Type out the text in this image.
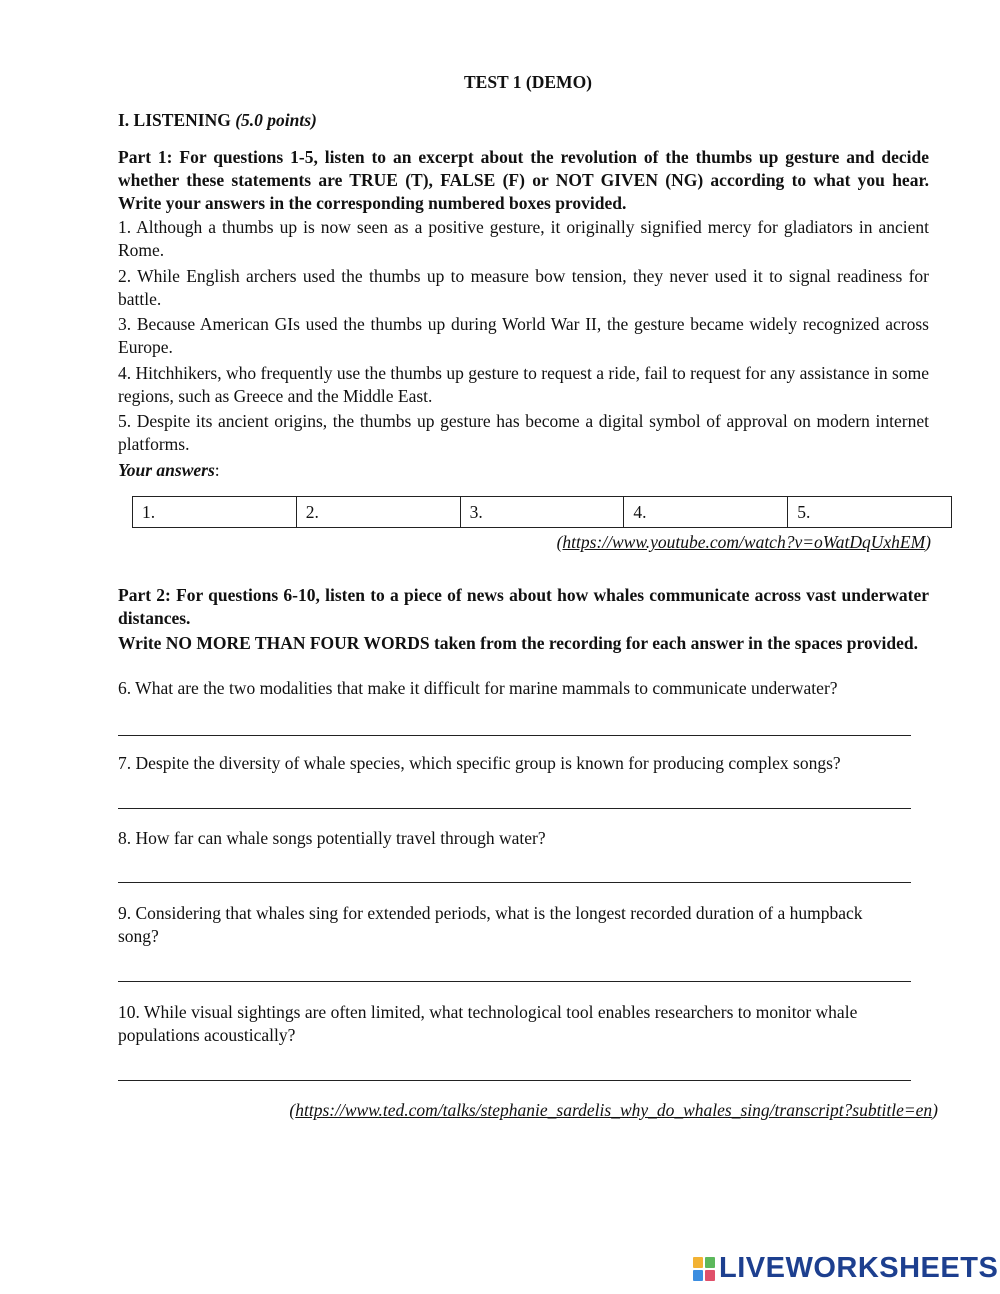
TEST 1 (DEMO)
I. LISTENING (5.0 points)
Part 1: For questions 1-5, listen to an excerpt about the revolution of the thumbs up gesture and decide whether these statements are TRUE (T), FALSE (F) or NOT GIVEN (NG) according to what you hear. Write your answers in the corresponding numbered boxes provided.
1. Although a thumbs up is now seen as a positive gesture, it originally signified mercy for gladiators in ancient Rome.
2. While English archers used the thumbs up to measure bow tension, they never used it to signal readiness for battle.
3. Because American GIs used the thumbs up during World War II, the gesture became widely recognized across Europe.
4. Hitchhikers, who frequently use the thumbs up gesture to request a ride, fail to request for any assistance in some regions, such as Greece and the Middle East.
5. Despite its ancient origins, the thumbs up gesture has become a digital symbol of approval on modern internet platforms.
Your answers:
1.	2.	3.	4.	5.
(https://www.youtube.com/watch?v=oWatDqUxhEM)
Part 2: For questions 6-10, listen to a piece of news about how whales communicate across vast underwater distances.
Write NO MORE THAN FOUR WORDS taken from the recording for each answer in the spaces provided.
6. What are the two modalities that make it difficult for marine mammals to communicate underwater?
7. Despite the diversity of whale species, which specific group is known for producing complex songs?
8. How far can whale songs potentially travel through water?
9. Considering that whales sing for extended periods, what is the longest recorded duration of a humpback song?
10. While visual sightings are often limited, what technological tool enables researchers to monitor whale populations acoustically?
(https://www.ted.com/talks/stephanie_sardelis_why_do_whales_sing/transcript?subtitle=en)
LIVEWORKSHEETS
